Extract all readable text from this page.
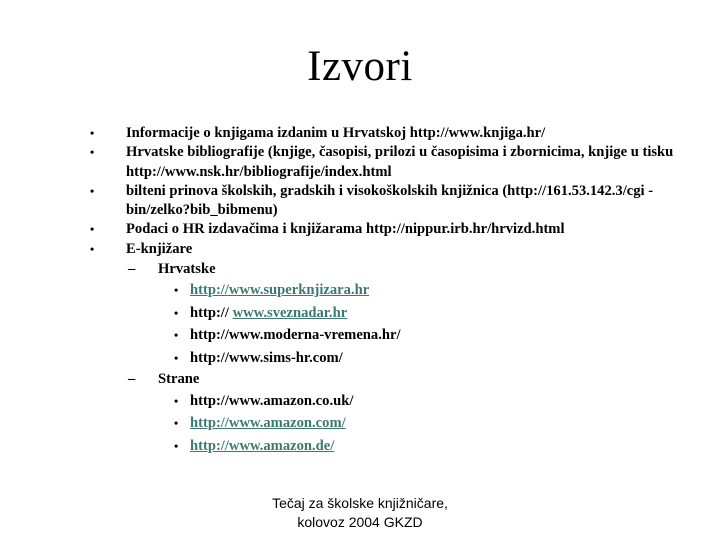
Izvori
• Informacije o knjigama izdanim u Hrvatskoj http://www.knjiga.hr/
• Hrvatske bibliografije (knjige, časopisi, prilozi u časopisima i zbornicima, knjige u tisku http://www.nsk.hr/bibliografije/index.html
• bilteni prinova školskih, gradskih i visokoškolskih knjižnica (http://161.53.142.3/cgi -bin/zelko?bib_bibmenu)
• Podaci o HR izdavačima i knjižarama http://nippur.irb.hr/hrvizd.html
• E-knjižare
– Hrvatske
• http://www.superknjizara.hr
• http:// www.sveznadar.hr
• http://www.moderna-vremena.hr/
• http://www.sims-hr.com/
– Strane
• http://www.amazon.co.uk/
• http://www.amazon.com/
• http://www.amazon.de/
Tečaj za školske knjižničare,
kolovoz 2004 GKZD
